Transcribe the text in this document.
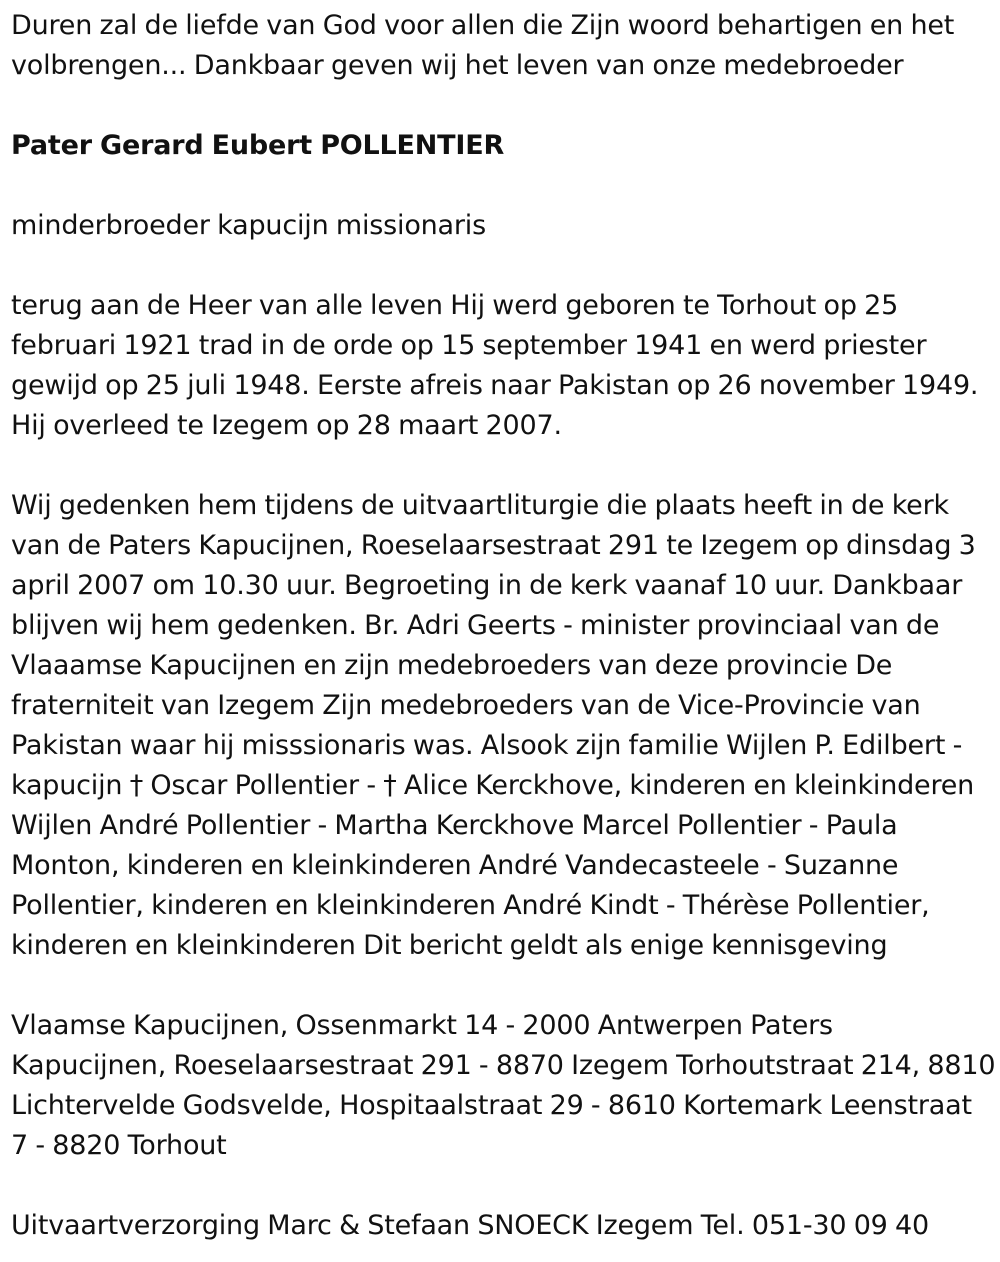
Duren zal de liefde van God voor allen die Zijn woord behartigen en het
volbrengen... Dankbaar geven wij het leven van onze medebroeder

Pater Gerard Eubert POLLENTIER

minderbroeder kapucijn missionaris

terug aan de Heer van alle leven Hij werd geboren te Torhout op 25
februari 1921 trad in de orde op 15 september 1941 en werd priester
gewijd op 25 juli 1948. Eerste afreis naar Pakistan op 26 november 1949.
Hij overleed te Izegem op 28 maart 2007.

Wij gedenken hem tijdens de uitvaartliturgie die plaats heeft in de kerk
van de Paters Kapucijnen, Roeselaarsestraat 291 te Izegem op dinsdag 3
april 2007 om 10.30 uur. Begroeting in de kerk vaanaf 10 uur. Dankbaar
blijven wij hem gedenken. Br. Adri Geerts - minister provinciaal van de
Vlaaamse Kapucijnen en zijn medebroeders van deze provincie De
fraterniteit van Izegem Zijn medebroeders van de Vice-Provincie van
Pakistan waar hij misssionaris was. Alsook zijn familie Wijlen P. Edilbert -
kapucijn † Oscar Pollentier - † Alice Kerckhove, kinderen en kleinkinderen
Wijlen André Pollentier - Martha Kerckhove Marcel Pollentier - Paula
Monton, kinderen en kleinkinderen André Vandecasteele - Suzanne
Pollentier, kinderen en kleinkinderen André Kindt - Thérèse Pollentier,
kinderen en kleinkinderen Dit bericht geldt als enige kennisgeving

Vlaamse Kapucijnen, Ossenmarkt 14 - 2000 Antwerpen Paters
Kapucijnen, Roeselaarsestraat 291 - 8870 Izegem Torhoutstraat 214, 8810
Lichtervelde Godsvelde, Hospitaalstraat 29 - 8610 Kortemark Leenstraat
7 - 8820 Torhout

Uitvaartverzorging Marc & Stefaan SNOECK Izegem Tel. 051-30 09 40
